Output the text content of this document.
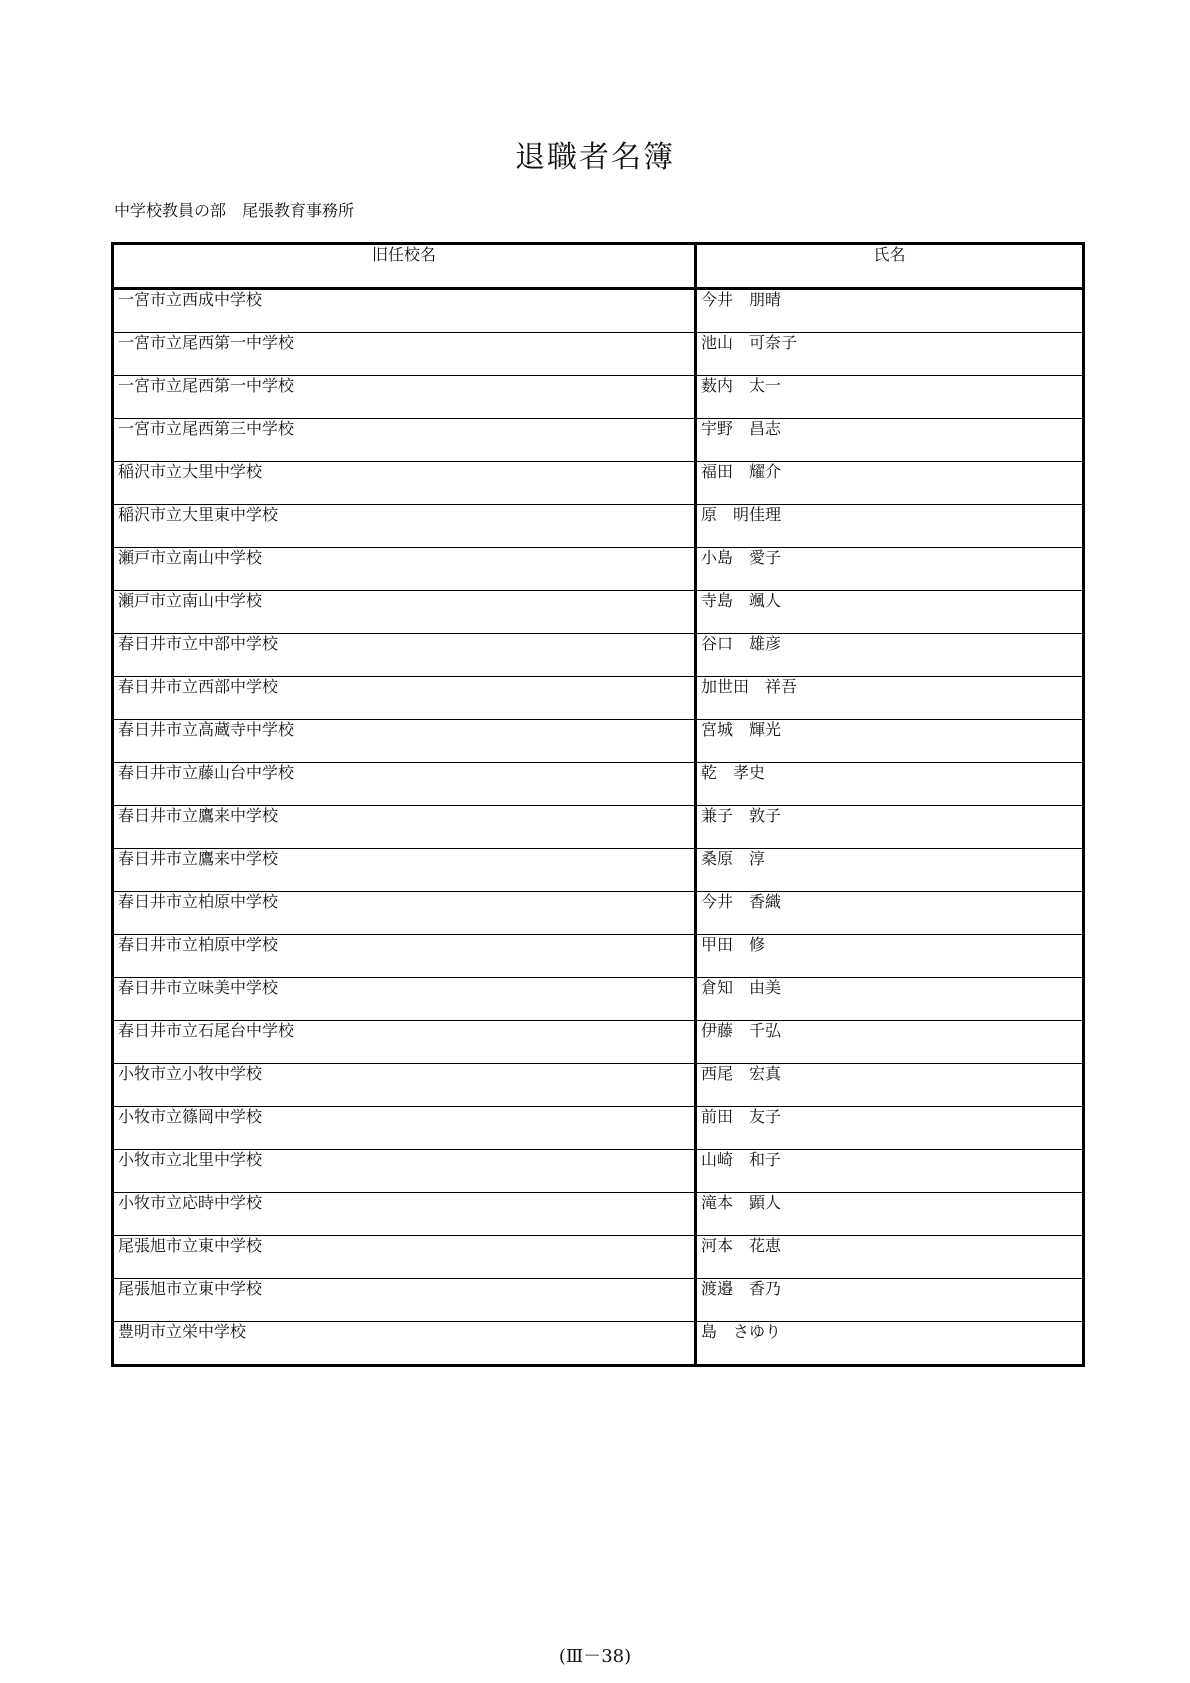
退職者名簿
中学校教員の部　尾張教育事務所
旧任校名	氏名
一宮市立西成中学校	今井　朋晴
一宮市立尾西第一中学校	池山　可奈子
一宮市立尾西第一中学校	薮内　太一
一宮市立尾西第三中学校	宇野　昌志
稲沢市立大里中学校	福田　耀介
稲沢市立大里東中学校	原　明佳理
瀬戸市立南山中学校	小島　愛子
瀬戸市立南山中学校	寺島　颯人
春日井市立中部中学校	谷口　雄彦
春日井市立西部中学校	加世田　祥吾
春日井市立高蔵寺中学校	宮城　輝光
春日井市立藤山台中学校	乾　孝史
春日井市立鷹来中学校	兼子　敦子
春日井市立鷹来中学校	桑原　淳
春日井市立柏原中学校	今井　香織
春日井市立柏原中学校	甲田　修
春日井市立味美中学校	倉知　由美
春日井市立石尾台中学校	伊藤　千弘
小牧市立小牧中学校	西尾　宏真
小牧市立篠岡中学校	前田　友子
小牧市立北里中学校	山崎　和子
小牧市立応時中学校	滝本　顕人
尾張旭市立東中学校	河本　花恵
尾張旭市立東中学校	渡邉　香乃
豊明市立栄中学校	島　さゆり
(Ⅲ－38)
